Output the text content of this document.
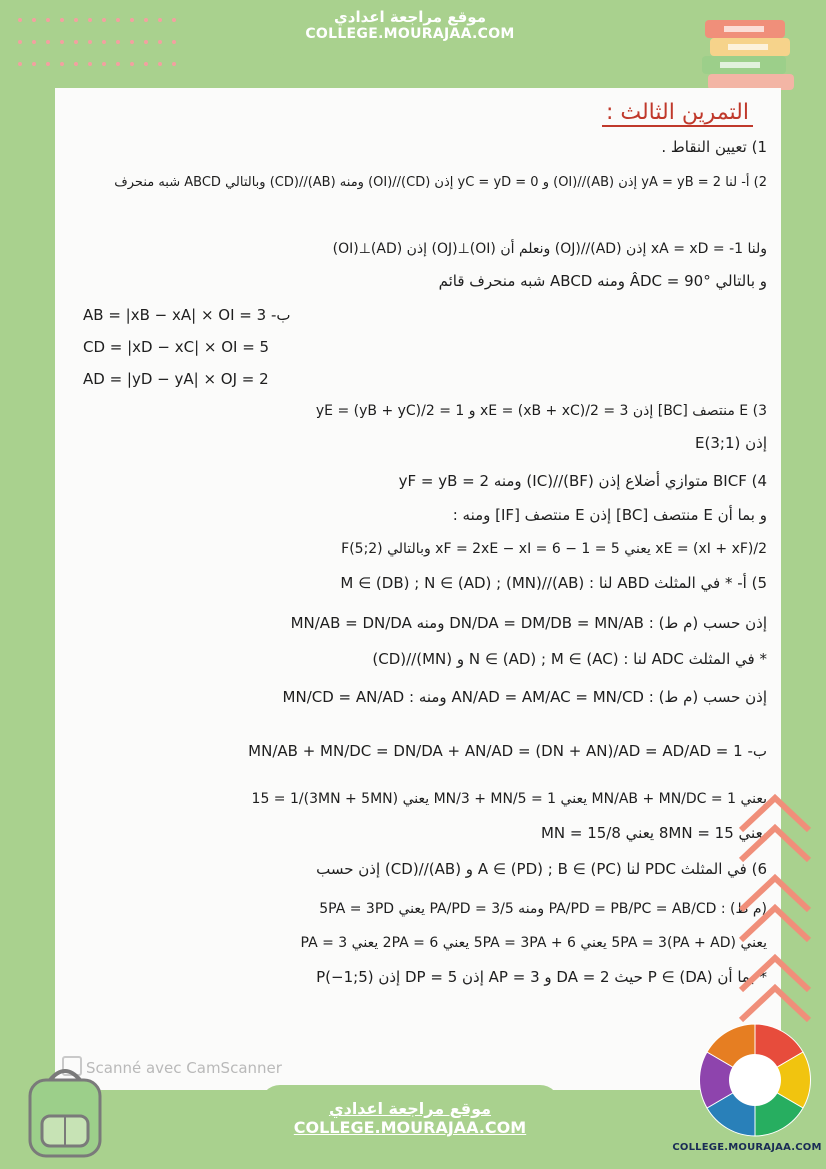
موقع مراجعة اعدادي
COLLEGE.MOURAJAA.COM
التمرين الثالث :
1) تعيين النقاط .
2) أ- لنا yA = yB = 2 إذن (AB)//(OI) و yC = yD = 0 إذن (CD)//(OI) ومنه (AB)//(CD) وبالتالي ABCD شبه منحرف
ولنا xA = xD = -1 إذن (AD)//(OJ) ونعلم أن (OI)⊥(OJ) إذن (AD)⊥(OI)
و بالتالي ÂDC = 90° ومنه ABCD شبه منحرف قائم
ب- AB = |xB − xA| × OI = 3
CD = |xD − xC| × OI = 5
AD = |yD − yA| × OJ = 2
3) E منتصف [BC] إذن xE = (xB + xC)/2 = 3 و yE = (yB + yC)/2 = 1
إذن E(3;1)
4) BICF متوازي أضلاع إذن (BF)//(IC) ومنه yF = yB = 2
و بما أن E منتصف [BC] إذن E منتصف [IF] ومنه :
xE = (xI + xF)/2 يعني xF = 2xE − xI = 6 − 1 = 5 وبالتالي F(5;2)
5) أ- * في المثلث ABD لنا : M ∈ (DB) ; N ∈ (AD) ; (MN)//(AB)
إذن حسب (م ط) : DN/DA = DM/DB = MN/AB ومنه MN/AB = DN/DA
* في المثلث ADC لنا : N ∈ (AD) ; M ∈ (AC) و (MN)//(CD)
إذن حسب (م ط) : AN/AD = AM/AC = MN/CD ومنه : MN/CD = AN/AD
ب- MN/AB + MN/DC = DN/DA + AN/AD = (DN + AN)/AD = AD/AD = 1
يعني MN/AB + MN/DC = 1 يعني MN/3 + MN/5 = 1 يعني (3MN + 5MN)/15 = 1
يعني 8MN = 15 يعني MN = 15/8
6) في المثلث PDC لنا A ∈ (PD) ; B ∈ (PC) و (AB)//(CD) إذن حسب
(م ط) : PA/PD = PB/PC = AB/CD ومنه PA/PD = 3/5 يعني 5PA = 3PD
يعني 5PA = 3(PA + AD) يعني 5PA = 3PA + 6 يعني 2PA = 6 يعني PA = 3
* بما أن P ∈ (DA) حيث DA = 2 و AP = 3 إذن DP = 5 إذن P(−1;5)
Scanné avec CamScanner
موقع مراجعة اعدادي
COLLEGE.MOURAJAA.COM
COLLEGE.MOURAJAA.COM
